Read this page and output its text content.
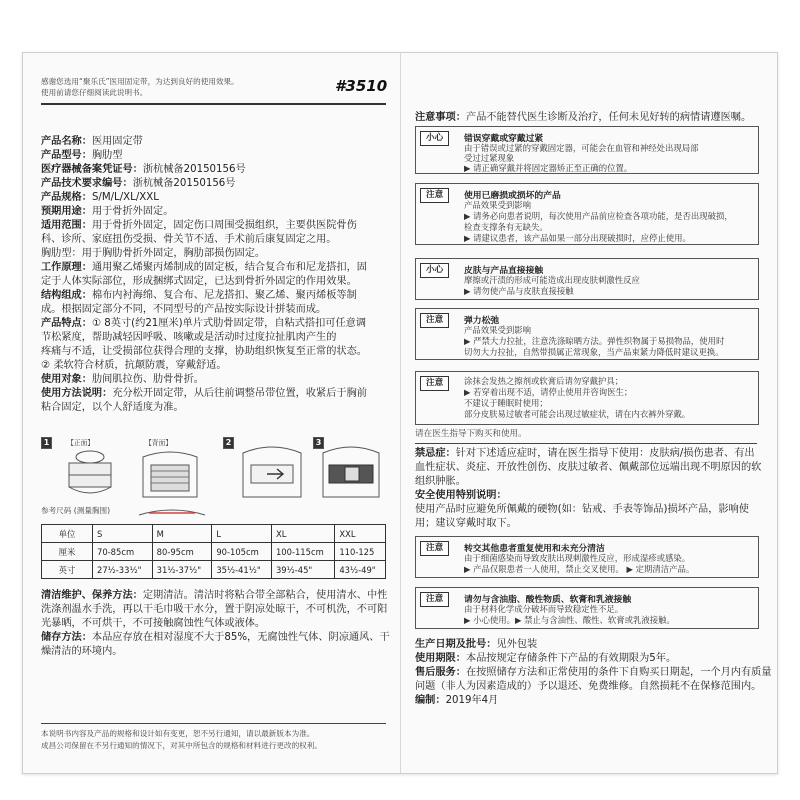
感谢您选用“聚乐氏”医用固定带，为达到良好的使用效果。
使用前请您仔细阅读此说明书。	#3510
产品名称：医用固定带
产品型号：胸肋型
医疗器械备案凭证号：浙杭械备20150156号
产品技术要求编号：浙杭械备20150156号
产品规格：S/M/L/XL/XXL
预期用途：用于骨折外固定。
适用范围：用于骨折外固定，固定伤口周围受损组织，主要供医院骨伤
科、诊所、家庭扭伤受损、骨关节不适、手术前后康复固定之用。
胸肋型：用于胸肋骨折外固定，胸肋部损伤固定。
工作原理：通用聚乙烯聚丙烯制成的固定板，结合复合布和尼龙搭扣，固
定于人体实际部位，形成捆绑式固定，已达到骨折外固定的作用效果。
结构组成：棉布内衬海绵、复合布、尼龙搭扣、聚乙烯、聚丙烯板等制
成。根据固定部分不同，不同型号的产品按实际设计拼装而成。
产品特点：① 8英寸(约21厘米)单片式肋骨固定带，自粘式搭扣可任意调
节松紧度，帮助减轻因呼吸、咳嗽或是活动时过度拉扯肌肉产生的
疼痛与不适，让受损部位获得合理的支撑，协助组织恢复至正常的状态。
② 柔软符合材质，抗颠防震，穿戴舒适。
使用对象：肋间肌拉伤、肋骨骨折。
使用方法说明：充分松开固定带，从后往前调整吊带位置，收紧后于胸前
粘合固定，以个人舒适度为准。
1	【正面】	【背面】	2	3
参考尺码 (测量胸围)
单位	S	M	L	XL	XXL
厘米	70-85cm	80-95cm	90-105cm	100-115cm	110-125
英寸	27½-33½"	31½-37½"	35½-41½"	39½-45"	43½-49"
清洁维护、保养方法：定期清洁。清洁时将粘合带全部粘合，使用清水、中性
洗涤剂温水手洗，再以干毛巾吸干水分，置于阴凉处晾干，不可机洗，不可阳
光暴晒，不可烘干，不可接触腐蚀性气体或液体。
储存方法：本品应存放在相对湿度不大于85%，无腐蚀性气体、阴凉通风、干
燥清洁的环境内。
本说明书内容及产品的规格和设计如有变更，恕不另行通知，请以最新版本为准。
成昌公司保留在不另行通知的情况下，对其中所包含的规格和材料进行更改的权利。
注意事项：产品不能替代医生诊断及治疗，任何未见好转的病情请遵医嘱。
小心	错误穿戴或穿戴过紧
由于错误或过紧的穿戴固定器，可能会在血管和神经处出现局部
受过过紧现象
▶ 请正确穿戴并将固定器矫正至正确的位置。
注意	使用已磨损或损坏的产品
产品效果受到影响
▶ 请务必向患者说明，每次使用产品前应检查各项功能，是否出现破损，
检查支撑条有无缺失。
▶ 请建议患者，该产品如果一部分出现破损时，应停止使用。
小心	皮肤与产品直接接触
摩擦或汗渍的形成可能造成出现皮肤刺激性反应
▶ 请勿使产品与皮肤直接接触
注意	弹力松弛
产品效果受到影响
▶ 严禁大力拉扯，注意洗涤晾晒方法。弹性织物属于易损物品，使用时
切勿大力拉扯，自然带损属正常现象，当产品束紧力降低时建议更换。
注意	涂抹会发热之擦剂或软膏后请勿穿戴护具；
▶ 若穿着出现不适，请停止使用并咨询医生；
不建议于睡眠时使用；
部分皮肤易过敏者可能会出现过敏症状，请在内衣裤外穿戴。
请在医生指导下购买和使用。
禁忌症：针对下述适应症时，请在医生指导下使用：皮肤病/损伤患者、有出
血性症状、炎症、开放性创伤、皮肤过敏者、佩戴部位远端出现不明原因的软
组织肿胀。
安全使用特别说明：
使用产品时应避免所佩戴的硬物(如：钻戒、手表等饰品)损坏产品，影响使
用；建议穿戴时取下。
注意	转交其他患者重复使用和未充分清洁
由于细菌感染而导致皮肤出现刺激性反应，形成湿疹或感染。
▶ 产品仅限患者一人使用，禁止交叉使用。 ▶ 定期清洁产品。
注意	请勿与含油脂、酸性物质、软膏和乳液接触
由于材料化学成分破坏而导致稳定性不足。
▶ 小心使用。▶ 禁止与含油性、酸性、软膏或乳液接触。
生产日期及批号：见外包装
使用期限：本品按规定存储条件下产品的有效期限为5年。
售后服务：在按照储存方法和正常使用的条件下自购买日期起，一个月内有质量
问题（非人为因素造成的）予以退还、免费维修。自然损耗不在保修范围内。
编制：2019年4月
